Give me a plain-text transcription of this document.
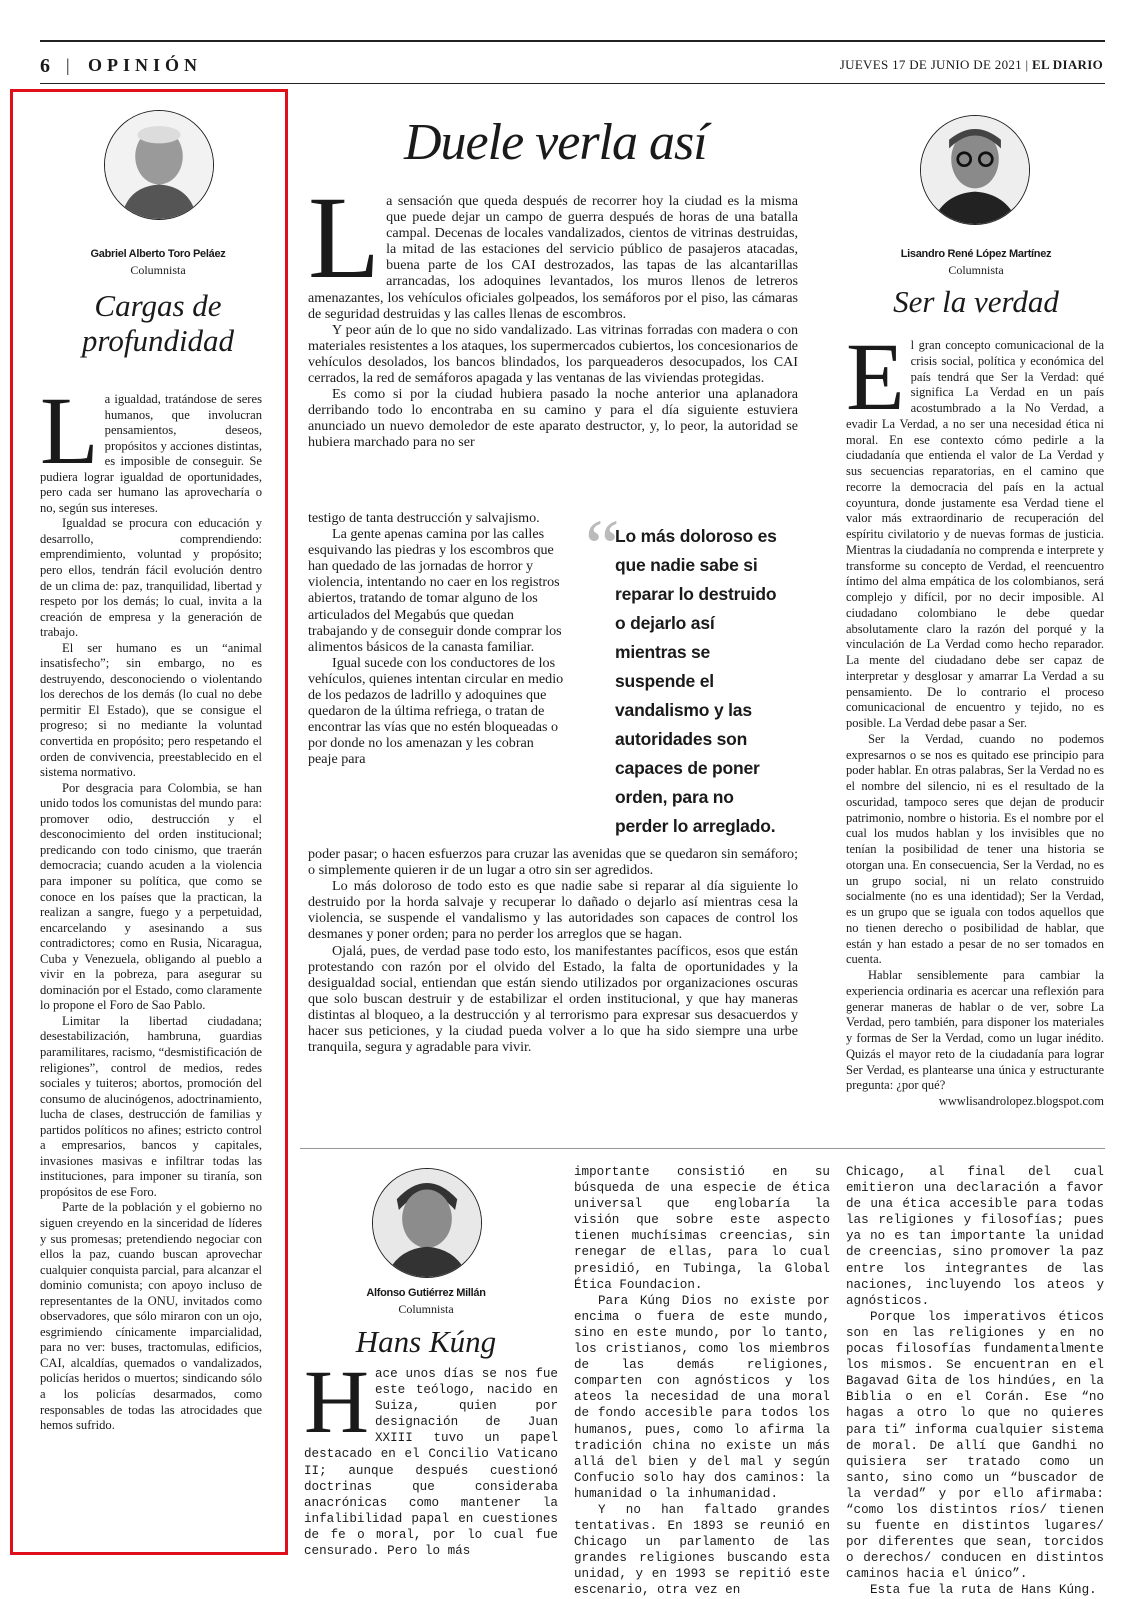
6 | OPINIÓN	JUEVES 17 DE JUNIO DE 2021 | EL DIARIO
Gabriel Alberto Toro Peláez
Columnista
Cargas de
profundidad

La igualdad, tratándose de seres humanos, que involucran pensamientos, deseos, propósitos y acciones distintas, es imposible de conseguir. Se pudiera lograr igualdad de oportunidades, pero cada ser humano las aprovecharía o no, según sus intereses.

Igualdad se procura con educación y desarrollo, comprendiendo: emprendimiento, voluntad y propósito; pero ellos, tendrán fácil evolución dentro de un clima de: paz, tranquilidad, libertad y respeto por los demás; lo cual, invita a la creación de empresa y la generación de trabajo.

El ser humano es un “animal insatisfecho”; sin embargo, no es destruyendo, desconociendo o violentando los derechos de los demás (lo cual no debe permitir El Estado), que se consigue el progreso; si no mediante la voluntad convertida en propósito; pero respetando el orden de convivencia, preestablecido en el sistema normativo.

Por desgracia para Colombia, se han unido todos los comunistas del mundo para: promover odio, destrucción y el desconocimiento del orden institucional; predicando con todo cinismo, que traerán democracia; cuando acuden a la violencia para imponer su política, que como se conoce en los países que la practican, la realizan a sangre, fuego y a perpetuidad, encarcelando y asesinando a sus contradictores; como en Rusia, Nicaragua, Cuba y Venezuela, obligando al pueblo a vivir en la pobreza, para asegurar su dominación por el Estado, como claramente lo propone el Foro de Sao Pablo.

Limitar la libertad ciudadana; desestabilización, hambruna, guardias paramilitares, racismo, “desmistificación de religiones”, control de medios, redes sociales y tuiteros; abortos, promoción del consumo de alucinógenos, adoctrinamiento, lucha de clases, destrucción de familias y partidos políticos no afines; estricto control a empresarios, bancos y capitales, invasiones masivas e infiltrar todas las instituciones, para imponer su tiranía, son propósitos de ese Foro.

Parte de la población y el gobierno no siguen creyendo en la sinceridad de líderes y sus promesas; pretendiendo negociar con ellos la paz, cuando buscan aprovechar cualquier conquista parcial, para alcanzar el dominio comunista; con apoyo incluso de representantes de la ONU, invitados como observadores, que sólo miraron con un ojo, esgrimiendo cínicamente imparcialidad, para no ver: buses, tractomulas, edificios, CAI, alcaldías, quemados o vandalizados, policías heridos o muertos; sindicando sólo a los policías desarmados, como responsables de todas las atrocidades que hemos sufrido.

Duele verla así

La sensación que queda después de recorrer hoy la ciudad es la misma que puede dejar un campo de guerra después de horas de una batalla campal. Decenas de locales vandalizados, cientos de vitrinas destruidas, la mitad de las estaciones del servicio público de pasajeros atacadas, buena parte de los CAI destrozados, las tapas de las alcantarillas arrancadas, los adoquines levantados, los muros llenos de letreros amenazantes, los vehículos oficiales golpeados, los semáforos por el piso, las cámaras de seguridad destruidas y las calles llenas de escombros.

Y peor aún de lo que no sido vandalizado. Las vitrinas forradas con madera o con materiales resistentes a los ataques, los supermercados cubiertos, los concesionarios de vehículos desolados, los bancos blindados, los parqueaderos desocupados, los CAI cerrados, la red de semáforos apagada y las ventanas de las viviendas protegidas.

Es como si por la ciudad hubiera pasado la noche anterior una aplanadora derribando todo lo encontraba en su camino y para el día siguiente estuviera anunciado un nuevo demoledor de este aparato destructor, y, lo peor, la autoridad se hubiera marchado para no ser

testigo de tanta destrucción y salvajismo.

La gente apenas camina por las calles esquivando las piedras y los escombros que han quedado de las jornadas de horror y violencia, intentando no caer en los registros abiertos, tratando de tomar alguno de los articulados del Megabús que quedan trabajando y de conseguir donde comprar los alimentos básicos de la canasta familiar.

Igual sucede con los conductores de los vehículos, quienes intentan circular en medio de los pedazos de ladrillo y adoquines que quedaron de la última refriega, o tratan de encontrar las vías que no estén bloqueadas o por donde no los amenazan y les cobran peaje para

“
Lo más doloroso es que nadie sabe si reparar lo destruido o dejarlo así mientras se suspende el vandalismo y las autoridades son capaces de poner orden, para no perder lo arreglado.

poder pasar; o hacen esfuerzos para cruzar las avenidas que se quedaron sin semáforo; o simplemente quieren ir de un lugar a otro sin ser agredidos.

Lo más doloroso de todo esto es que nadie sabe si reparar al día siguiente lo destruido por la horda salvaje y recuperar lo dañado o dejarlo así mientras cesa la violencia, se suspende el vandalismo y las autoridades son capaces de control los desmanes y poner orden; para no perder los arreglos que se hagan.

Ojalá, pues, de verdad pase todo esto, los manifestantes pacíficos, esos que están protestando con razón por el olvido del Estado, la falta de oportunidades y la desigualdad social, entiendan que están siendo utilizados por organizaciones oscuras que solo buscan destruir y de estabilizar el orden institucional, y que hay maneras distintas al bloqueo, a la destrucción y al terrorismo para expresar sus desacuerdos y hacer sus peticiones, y la ciudad pueda volver a lo que ha sido siempre una urbe tranquila, segura y agradable para vivir.

Lisandro René López Martínez
Columnista
Ser la verdad

El gran concepto comunicacional de la crisis social, política y económica del país tendrá que Ser la Verdad: qué significa La Verdad en un país acostumbrado a la No Verdad, a evadir La Verdad, a no ser una necesidad ética ni moral. En ese contexto cómo pedirle a la ciudadanía que entienda el valor de La Verdad y sus secuencias reparatorias, en el camino que recorre la democracia del país en la actual coyuntura, donde justamente esa Verdad tiene el valor más extraordinario de recuperación del espíritu civilatorio y de nuevas formas de justicia. Mientras la ciudadanía no comprenda e interprete y transforme su concepto de Verdad, el reencuentro íntimo del alma empática de los colombianos, será complejo y difícil, por no decir imposible. Al ciudadano colombiano le debe quedar absolutamente claro la razón del porqué y la vinculación de La Verdad como hecho reparador. La mente del ciudadano debe ser capaz de interpretar y desglosar y amarrar La Verdad a su pensamiento. De lo contrario el proceso comunicacional de encuentro y tejido, no es posible. La Verdad debe pasar a Ser.

Ser la Verdad, cuando no podemos expresarnos o se nos es quitado ese principio para poder hablar. En otras palabras, Ser la Verdad no es el nombre del silencio, ni es el resultado de la oscuridad, tampoco seres que dejan de producir patrimonio, nombre o historia. Es el nombre por el cual los mudos hablan y los invisibles que no tenían la posibilidad de tener una historia se otorgan una. En consecuencia, Ser la Verdad, no es un grupo social, ni un relato construido socialmente (no es una identidad); Ser la Verdad, es un grupo que se iguala con todos aquellos que no tienen derecho o posibilidad de hablar, que están y han estado a pesar de no ser tomados en cuenta.

Hablar sensiblemente para cambiar la experiencia ordinaria es acercar una reflexión para generar maneras de hablar o de ver, sobre La Verdad, pero también, para disponer los materiales y formas de Ser la Verdad, como un lugar inédito. Quizás el mayor reto de la ciudadanía para lograr Ser Verdad, es plantearse una única y estructurante pregunta: ¿por qué?

wwwlisandrolopez.blogspot.com
Alfonso Gutiérrez Millán
Columnista
Hans Kúng

Hace unos días se nos fue este teólogo, nacido en Suiza, quien por designación de Juan XXIII tuvo un papel destacado en el Concilio Vaticano II; aunque después cuestionó doctrinas que consideraba anacrónicas como mantener la infalibilidad papal en cuestiones de fe o moral, por lo cual fue censurado. Pero lo más

importante consistió en su búsqueda de una especie de ética universal que englobaría la visión que sobre este aspecto tienen muchísimas creencias, sin renegar de ellas, para lo cual presidió, en Tubinga, la Global Ética Foundacion.

Para Kúng Dios no existe por encima o fuera de este mundo, sino en este mundo, por lo tanto, los cristianos, como los miembros de las demás religiones, comparten con agnósticos y los ateos la necesidad de una moral de fondo accesible para todos los humanos, pues, como lo afirma la tradición china no existe un más allá del bien y del mal y según Confucio solo hay dos caminos: la humanidad o la inhumanidad.

Y no han faltado grandes tentativas. En 1893 se reunió en Chicago un parlamento de las grandes religiones buscando esta unidad, y en 1993 se repitió este escenario, otra vez en

Chicago, al final del cual emitieron una declaración a favor de una ética accesible para todas las religiones y filosofías; pues ya no es tan importante la unidad de creencias, sino promover la paz entre los integrantes de las naciones, incluyendo los ateos y agnósticos.

Porque los imperativos éticos son en las religiones y en no pocas filosofías fundamentalmente los mismos. Se encuentran en el Bagavad Gita de los hindúes, en la Biblia o en el Corán. Ese “no hagas a otro lo que no quieres para ti” informa cualquier sistema de moral. De allí que Gandhi no quisiera ser tratado como un santo, sino como un “buscador de la verdad” y por ello afirmaba: “como los distintos ríos/ tienen su fuente en distintos lugares/ por diferentes que sean, torcidos o derechos/ conducen en distintos caminos hacia el único”.

Esta fue la ruta de Hans Kúng.
